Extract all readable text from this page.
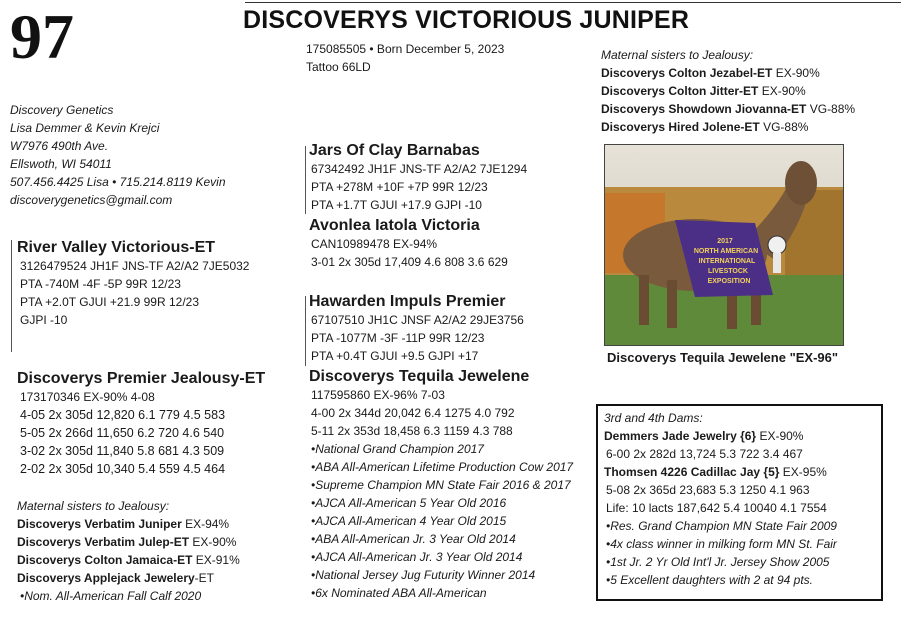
97	DISCOVERYS VICTORIOUS JUNIPER
175085505 • Born December 5, 2023
Tattoo 66LD
Discovery Genetics
Lisa Demmer & Kevin Krejci
W7976 490th Ave.
Ellswoth, WI 54011
507.456.4425 Lisa • 715.214.8119 Kevin
discoverygenetics@gmail.com
River Valley Victorious-ET
3126479524 JH1F JNS-TF A2/A2 7JE5032
PTA -740M -4F -5P 99R 12/23
PTA +2.0T GJUI +21.9 99R 12/23
GJPI -10
Discoverys Premier Jealousy-ET
173170346 EX-90% 4-08
4-05 2x 305d 12,820 6.1 779 4.5 583
5-05 2x 266d 11,650 6.2 720 4.6 540
3-02 2x 305d 11,840 5.8 681 4.3 509
2-02 2x 305d 10,340 5.4 559 4.5 464
Maternal sisters to Jealousy:
Discoverys Verbatim Juniper EX-94%
Discoverys Verbatim Julep-ET EX-90%
Discoverys Colton Jamaica-ET EX-91%
Discoverys Applejack Jewelery-ET
•Nom. All-American Fall Calf 2020
Jars Of Clay Barnabas
67342492 JH1F JNS-TF A2/A2 7JE1294
PTA +278M +10F +7P 99R 12/23
PTA +1.7T GJUI +17.9 GJPI -10
Avonlea Iatola Victoria
CAN10989478 EX-94%
3-01 2x 305d 17,409 4.6 808 3.6 629
Hawarden Impuls Premier
67107510 JH1C JNSF A2/A2 29JE3756
PTA -1077M -3F -11P 99R 12/23
PTA +0.4T GJUI +9.5 GJPI +17
Discoverys Tequila Jewelene
117595860 EX-96% 7-03
4-00 2x 344d 20,042 6.4 1275 4.0 792
5-11 2x 353d 18,458 6.3 1159 4.3 788
•National Grand Champion 2017
•ABA All-American Lifetime Production Cow 2017
•Supreme Champion MN State Fair 2016 & 2017
•AJCA All-American 5 Year Old 2016
•AJCA All-American 4 Year Old 2015
•ABA All-American Jr. 3 Year Old 2014
•AJCA All-American Jr. 3 Year Old 2014
•National Jersey Jug Futurity Winner 2014
•6x Nominated ABA All-American
Maternal sisters to Jealousy:
Discoverys Colton Jezabel-ET EX-90%
Discoverys Colton Jitter-ET EX-90%
Discoverys Showdown Jiovanna-ET VG-88%
Discoverys Hired Jolene-ET VG-88%
2017
NORTH AMERICAN
INTERNATIONAL
LIVESTOCK
EXPOSITION
Discoverys Tequila Jewelene "EX-96"
3rd and 4th Dams:
Demmers Jade Jewelry {6} EX-90%
6-00 2x 282d 13,724 5.3 722 3.4 467
Thomsen 4226 Cadillac Jay {5} EX-95%
5-08 2x 365d 23,683 5.3 1250 4.1 963
Life: 10 lacts 187,642 5.4 10040 4.1 7554
•Res. Grand Champion MN State Fair 2009
•4x class winner in milking form MN St. Fair
•1st Jr. 2 Yr Old Int'l Jr. Jersey Show 2005
•5 Excellent daughters with 2 at 94 pts.
